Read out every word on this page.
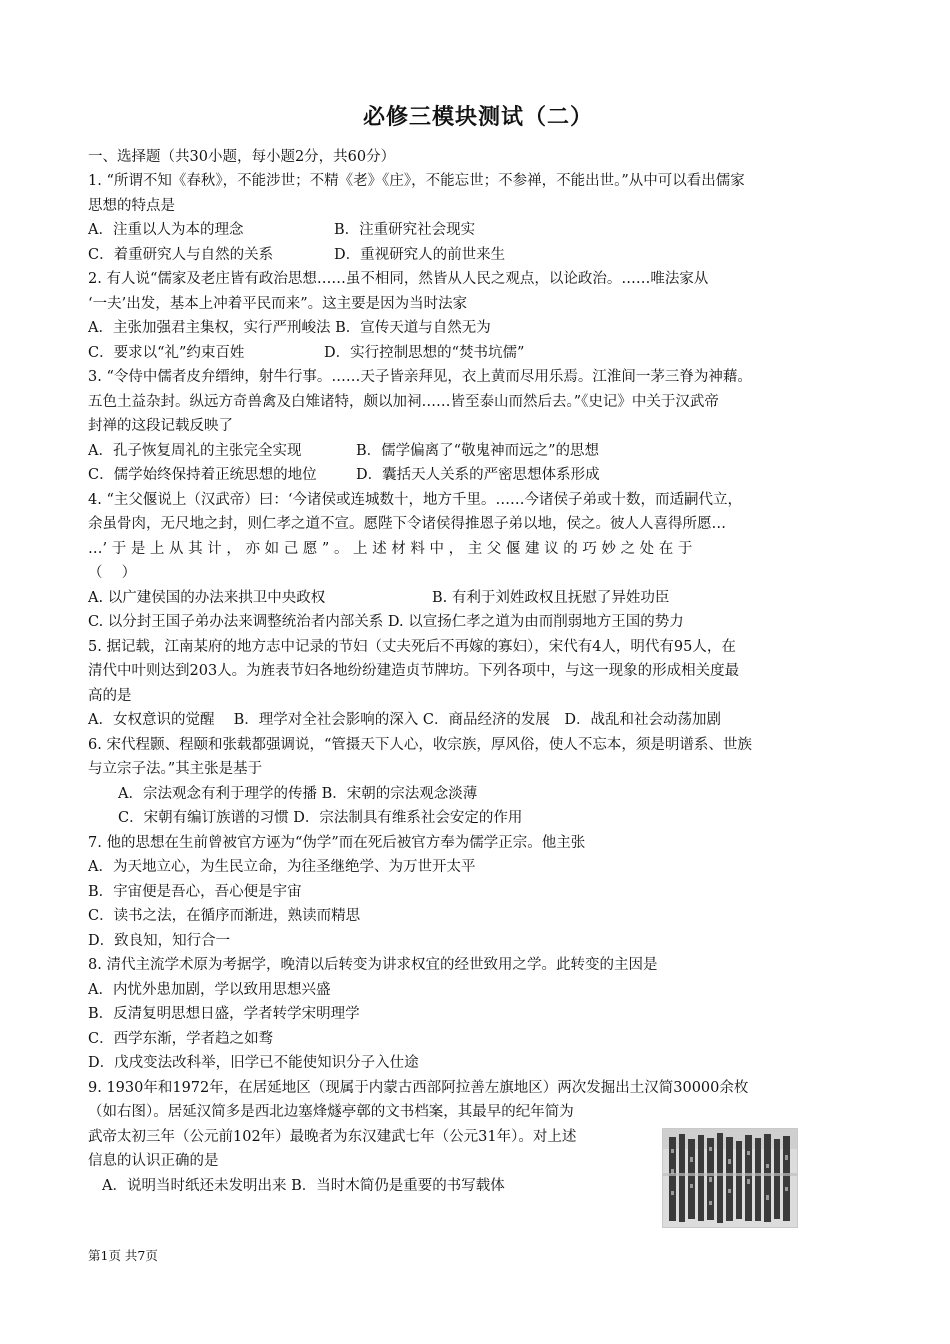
必修三模块测试（二）
一、选择题（共30小题，每小题2分，共60分）
1. “所谓不知《春秋》，不能涉世；不精《老》《庄》，不能忘世；不参禅，不能出世。”从中可以看出儒家
思想的特点是
A．注重以人为本的理念	B．注重研究社会现实
C．着重研究人与自然的关系	D．重视研究人的前世来生
2. 有人说“儒家及老庄皆有政治思想……虽不相同，然皆从人民之观点，以论政治。……唯法家从
‘一夫’出发，基本上冲着平民而来”。这主要是因为当时法家
A．主张加强君主集权，实行严刑峻法 B．宣传天道与自然无为
C．要求以“礼”约束百姓	D．实行控制思想的“焚书坑儒”
3. “令侍中儒者皮弁缙绅，射牛行事。……天子皆亲拜见，衣上黄而尽用乐焉。江淮间一茅三脊为神藉。
五色土益杂封。纵远方奇兽禽及白雉诸特，颇以加祠……皆至泰山而然后去。”《史记》中关于汉武帝
封禅的这段记载反映了
A．孔子恢复周礼的主张完全实现	B．儒学偏离了“敬鬼神而远之”的思想
C．儒学始终保持着正统思想的地位	D．囊括天人关系的严密思想体系形成
4. “主父偃说上（汉武帝）曰：‘今诸侯或连城数十，地方千里。……今诸侯子弟或十数，而适嗣代立，
余虽骨肉，无尺地之封，则仁孝之道不宣。愿陛下令诸侯得推恩子弟以地，侯之。彼人人喜得所愿…
…’ 于 是 上 从 其 计 ， 亦 如 己 愿 ” 。 上 述 材 料 中 ， 主 父 偃 建 议 的 巧 妙 之 处 在 于
（　 ）
A. 以广建侯国的办法来拱卫中央政权	B. 有利于刘姓政权且抚慰了异姓功臣
C. 以分封王国子弟办法来调整统治者内部关系 D. 以宣扬仁孝之道为由而削弱地方王国的势力
5. 据记载，江南某府的地方志中记录的节妇（丈夫死后不再嫁的寡妇），宋代有4人，明代有95人，在
清代中叶则达到203人。为旌表节妇各地纷纷建造贞节牌坊。下列各项中，与这一现象的形成相关度最
高的是
A．女权意识的觉醒　 B．理学对全社会影响的深入 C．商品经济的发展　D．战乱和社会动荡加剧
6. 宋代程颢、程颐和张载都强调说，“管摄天下人心，收宗族，厚风俗，使人不忘本，须是明谱系、世族
与立宗子法。”其主张是基于
A．宗法观念有利于理学的传播 B．宋朝的宗法观念淡薄
C．宋朝有编订族谱的习惯 D．宗法制具有维系社会安定的作用
7. 他的思想在生前曾被官方诬为“伪学”而在死后被官方奉为儒学正宗。他主张
A．为天地立心，为生民立命，为往圣继绝学、为万世开太平
B．宇宙便是吾心，吾心便是宇宙
C．读书之法，在循序而渐进，熟读而精思
D．致良知，知行合一
8. 清代主流学术原为考据学，晚清以后转变为讲求权宜的经世致用之学。此转变的主因是
A．内忧外患加剧，学以致用思想兴盛
B．反清复明思想日盛，学者转学宋明理学
C．西学东渐，学者趋之如骛
D．戊戌变法改科举，旧学已不能使知识分子入仕途
9. 1930年和1972年，在居延地区（现属于内蒙古西部阿拉善左旗地区）两次发掘出土汉简30000余枚
（如右图）。居延汉简多是西北边塞烽燧亭鄣的文书档案，其最早的纪年简为
武帝太初三年（公元前102年）最晚者为东汉建武七年（公元31年）。对上述
信息的认识正确的是
A．说明当时纸还未发明出来 B．当时木简仍是重要的书写载体
第1页 共7页
